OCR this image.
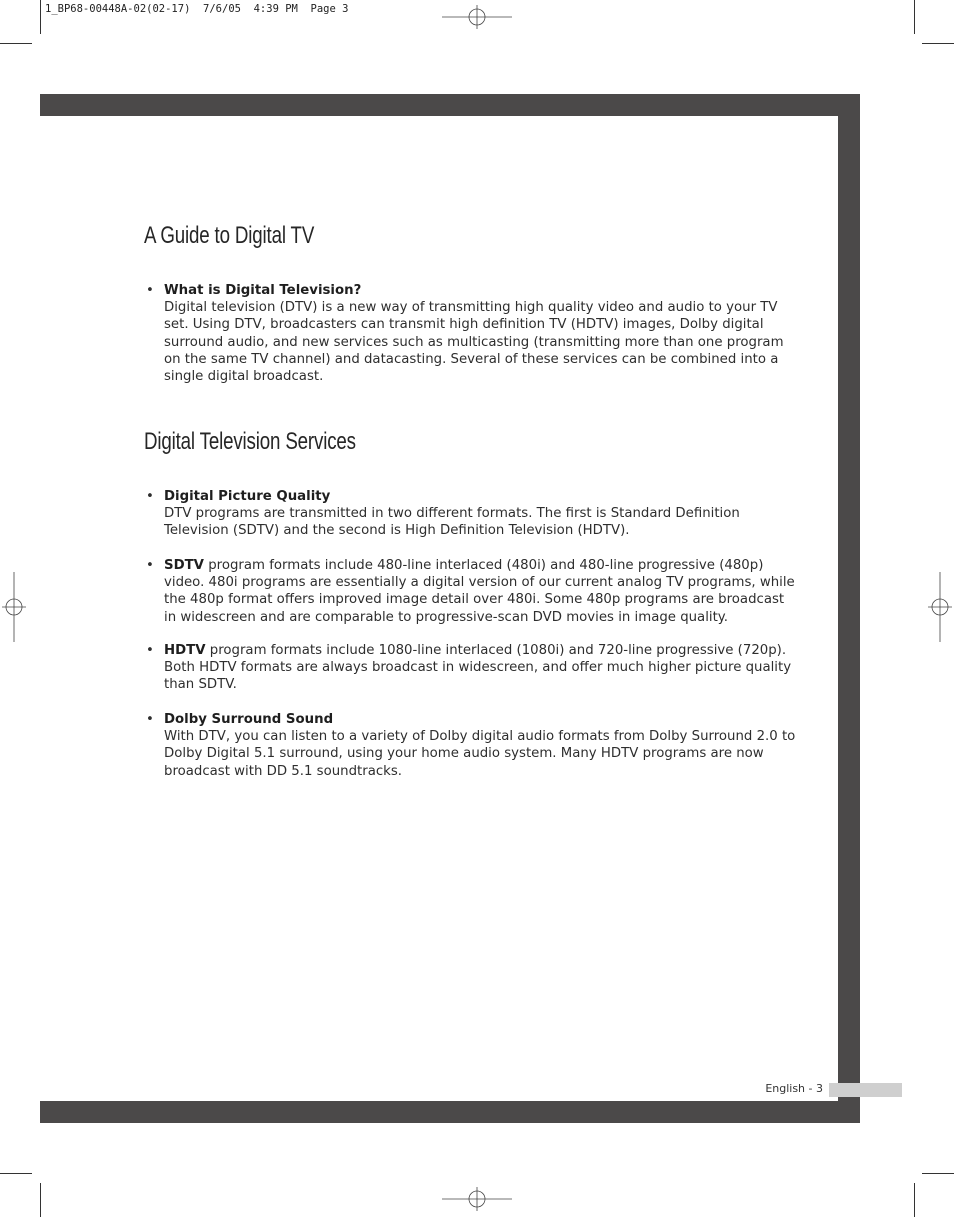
1_BP68-00448A-02(02-17)  7/6/05  4:39 PM  Page 3
A Guide to Digital TV
• What is Digital Television?
Digital television (DTV) is a new way of transmitting high quality video and audio to your TV set. Using DTV, broadcasters can transmit high definition TV (HDTV) images, Dolby digital surround audio, and new services such as multicasting (transmitting more than one program on the same TV channel) and datacasting. Several of these services can be combined into a single digital broadcast.
Digital Television Services
• Digital Picture Quality
DTV programs are transmitted in two different formats. The first is Standard Definition Television (SDTV) and the second is High Definition Television (HDTV).
• SDTV program formats include 480-line interlaced (480i) and 480-line progressive (480p) video. 480i programs are essentially a digital version of our current analog TV programs, while the 480p format offers improved image detail over 480i. Some 480p programs are broadcast in widescreen and are comparable to progressive-scan DVD movies in image quality.
• HDTV program formats include 1080-line interlaced (1080i) and 720-line progressive (720p). Both HDTV formats are always broadcast in widescreen, and offer much higher picture quality than SDTV.
• Dolby Surround Sound
With DTV, you can listen to a variety of Dolby digital audio formats from Dolby Surround 2.0 to Dolby Digital 5.1 surround, using your home audio system. Many HDTV programs are now broadcast with DD 5.1 soundtracks.
English - 3
